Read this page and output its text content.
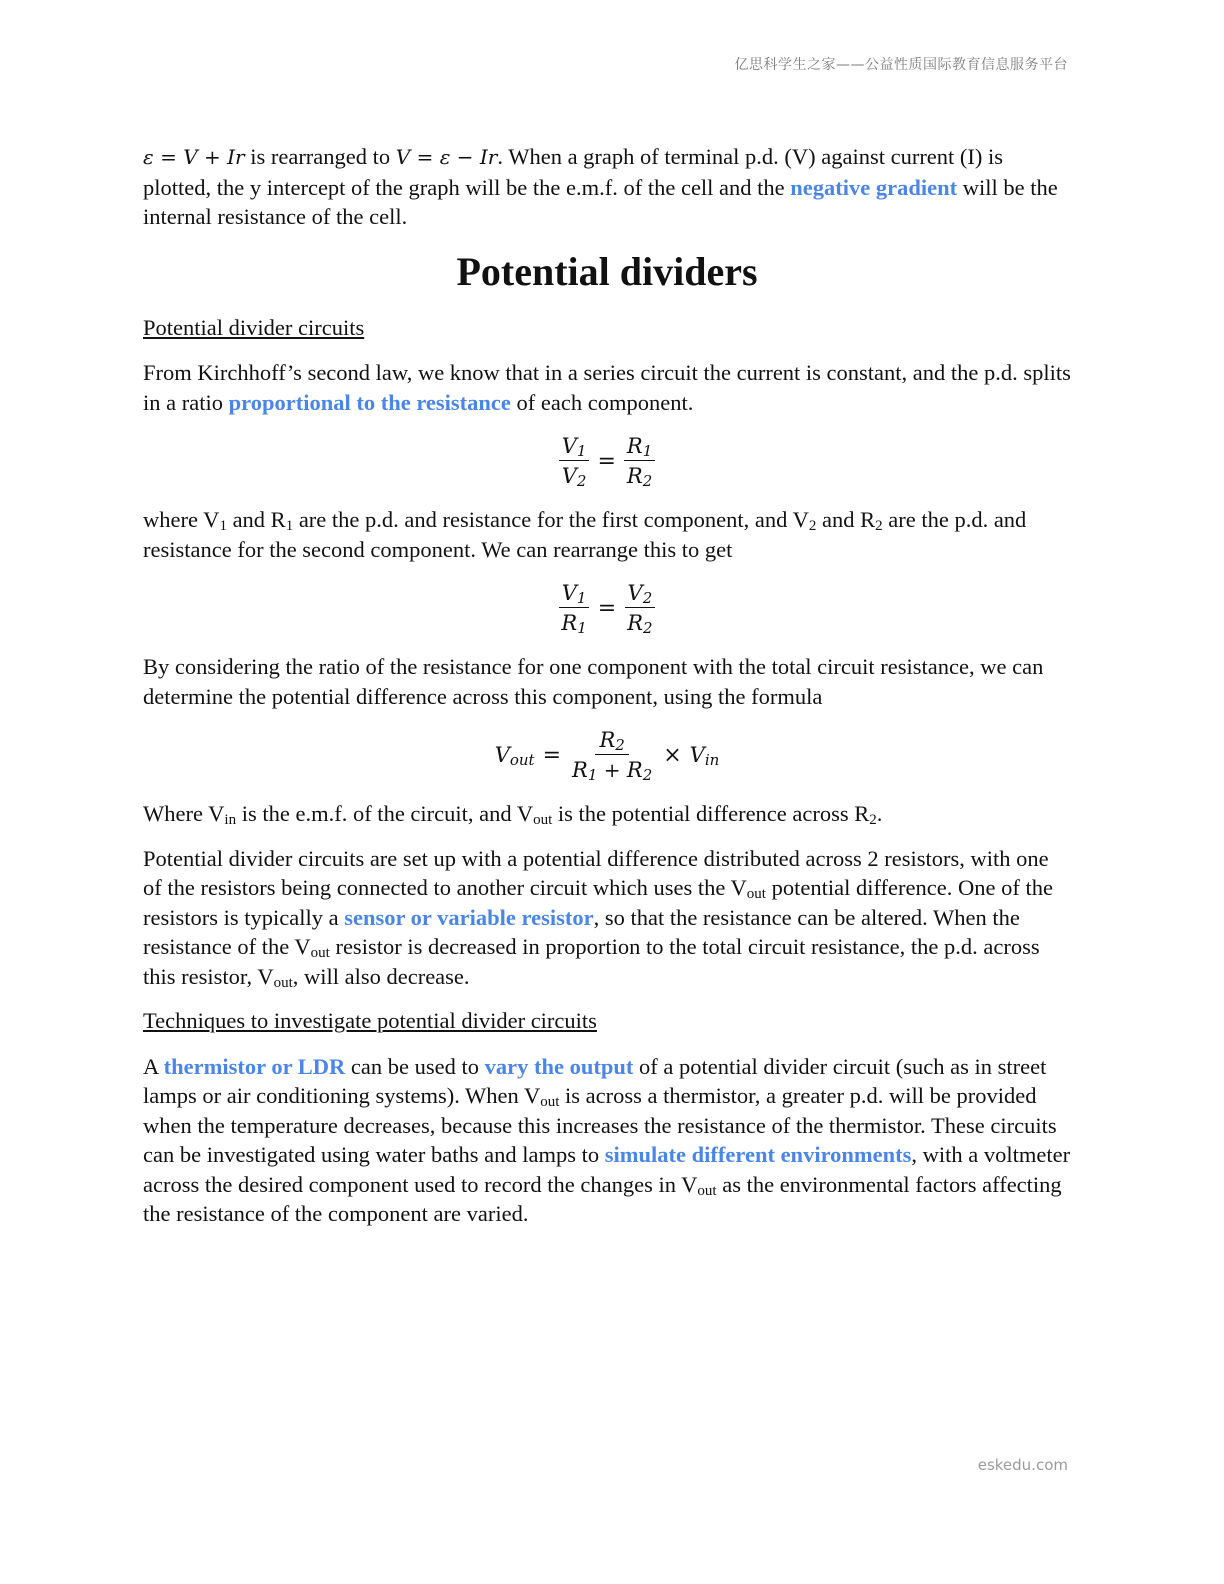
亿思科学生之家——公益性质国际教育信息服务平台

ε = V + Ir is rearranged to V = ε − Ir. When a graph of terminal p.d. (V) against current (I) is plotted, the y intercept of the graph will be the e.m.f. of the cell and the negative gradient will be the internal resistance of the cell.

Potential dividers

Potential divider circuits

From Kirchhoff’s second law, we know that in a series circuit the current is constant, and the p.d. splits in a ratio proportional to the resistance of each component.

$\frac{V_1}{V_2} = \frac{R_1}{R_2}$

where $V_1$ and $R_1$ are the p.d. and resistance for the first component, and $V_2$ and $R_2$ are the p.d. and resistance for the second component. We can rearrange this to get

$\frac{V_1}{R_1} = \frac{V_2}{R_2}$

By considering the ratio of the resistance for one component with the total circuit resistance, we can determine the potential difference across this component, using the formula

$V_{out} = \frac{R_2}{R_1 + R_2} \times V_{in}$

Where $V_{in}$ is the e.m.f. of the circuit, and $V_{out}$ is the potential difference across $R_2$.

Potential divider circuits are set up with a potential difference distributed across 2 resistors, with one of the resistors being connected to another circuit which uses the $V_{out}$ potential difference. One of the resistors is typically a sensor or variable resistor, so that the resistance can be altered. When the resistance of the $V_{out}$ resistor is decreased in proportion to the total circuit resistance, the p.d. across this resistor, $V_{out}$, will also decrease.

Techniques to investigate potential divider circuits

A thermistor or LDR can be used to vary the output of a potential divider circuit (such as in street lamps or air conditioning systems). When $V_{out}$ is across a thermistor, a greater p.d. will be provided when the temperature decreases, because this increases the resistance of the thermistor. These circuits can be investigated using water baths and lamps to simulate different environments, with a voltmeter across the desired component used to record the changes in $V_{out}$ as the environmental factors affecting the resistance of the component are varied.

eskedu.com
